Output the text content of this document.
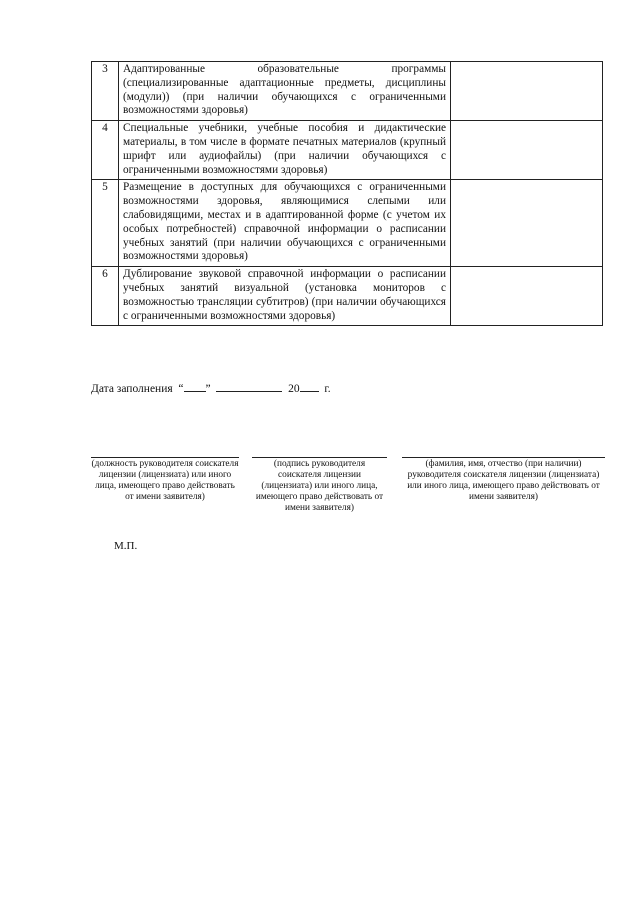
3	Адаптированные образовательные программы (специализированные адаптационные предметы, дисциплины (модули)) (при наличии обучающихся с ограниченными возможностями здоровья)	
4	Специальные учебники, учебные пособия и дидактические материалы, в том числе в формате печатных материалов (крупный шрифт или аудиофайлы) (при наличии обучающихся с ограниченными возможностями здоровья)	
5	Размещение в доступных для обучающихся с ограниченными возможностями здоровья, являющимися слепыми или слабовидящими, местах и в адаптированной форме (с учетом их особых потребностей) справочной информации о расписании учебных занятий (при наличии обучающихся с ограниченными возможностями здоровья)	
6	Дублирование звуковой справочной информации о расписании учебных занятий визуальной (установка мониторов с возможностью трансляции субтитров) (при наличии обучающихся с ограниченными возможностями здоровья)	
Дата заполнения “ ”	20 г.
(должность руководителя соискателя лицензии (лицензиата) или иного лица, имеющего право действовать от имени заявителя)
(подпись руководителя соискателя лицензии (лицензиата) или иного лица, имеющего право действовать от имени заявителя)
(фамилия, имя, отчество (при наличии) руководителя соискателя лицензии (лицензиата) или иного лица, имеющего право действовать от имени заявителя)
М.П.
